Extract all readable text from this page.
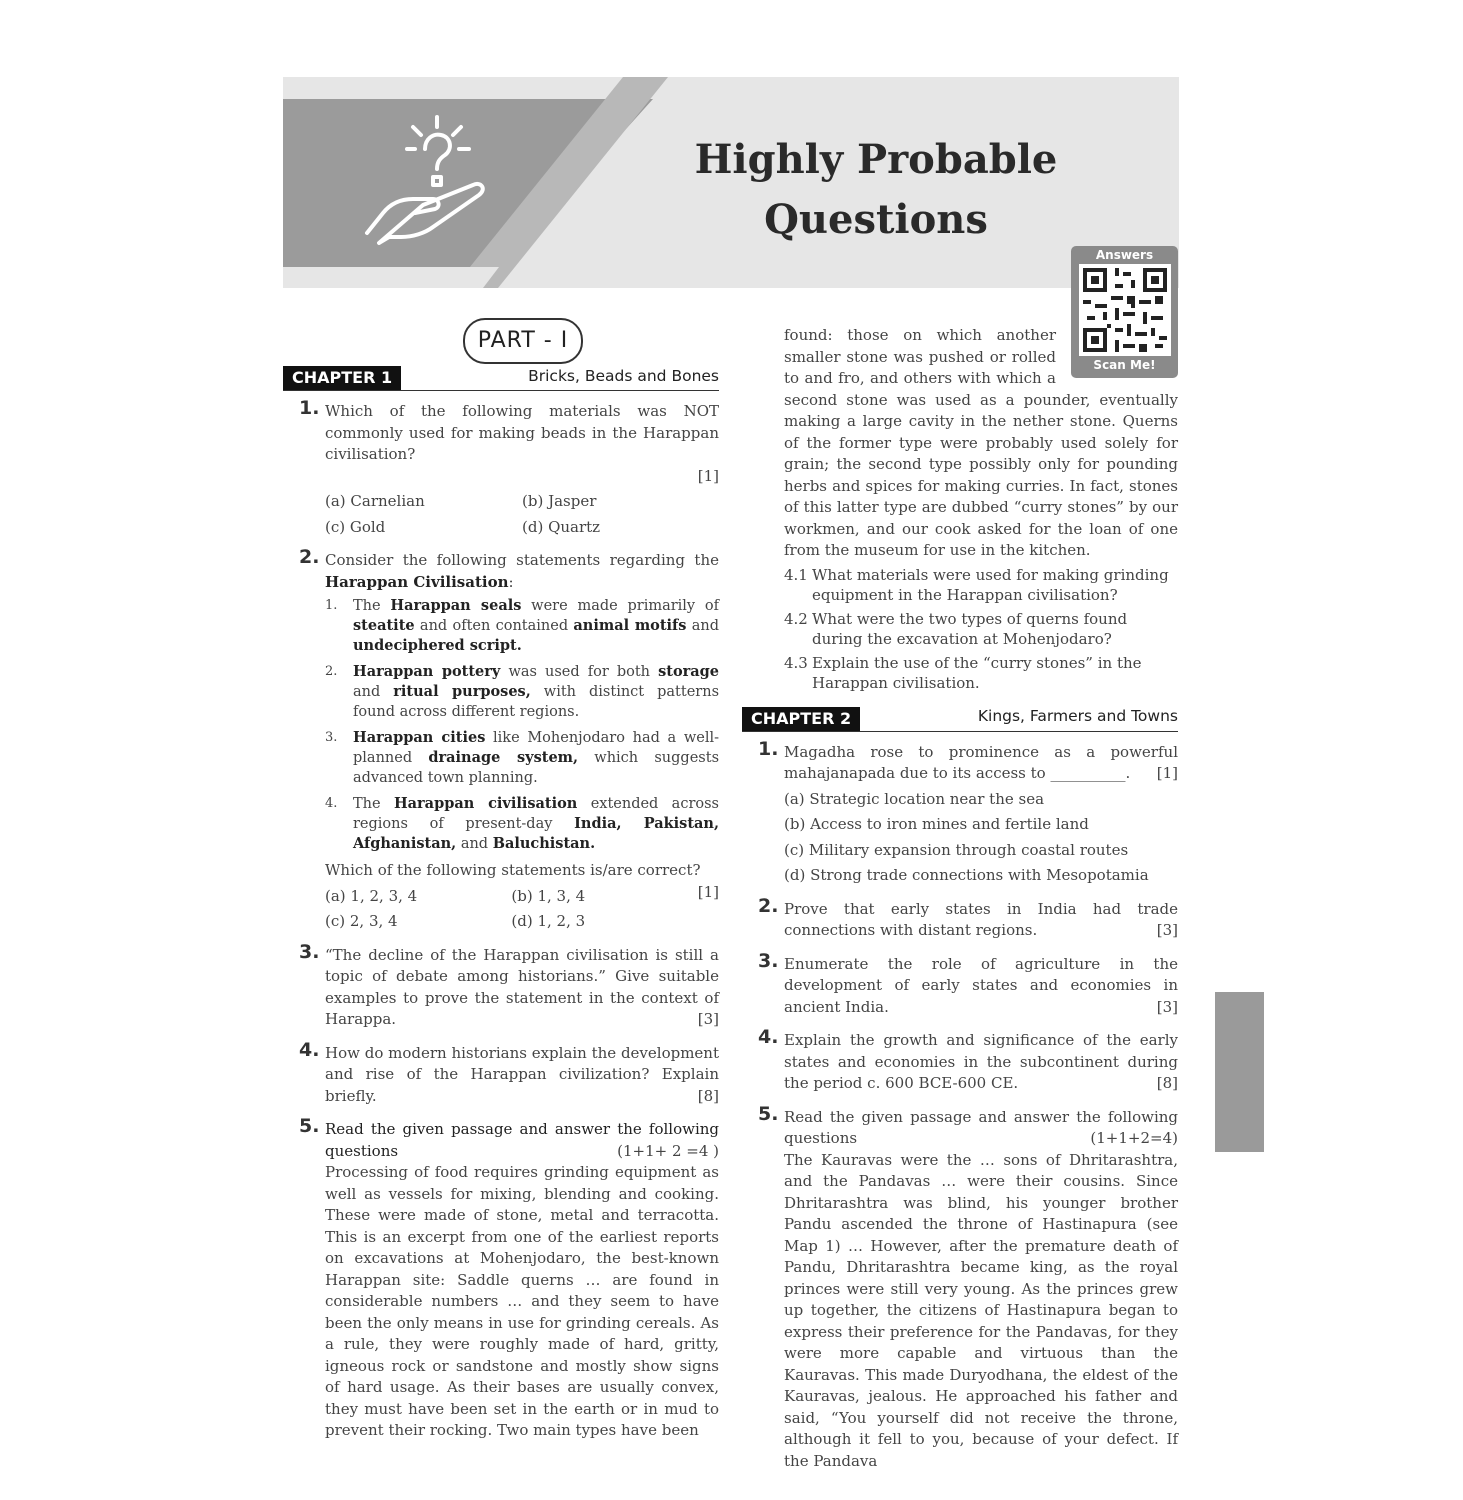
Highly Probable
Questions
Answers
Scan Me!
PART - I
CHAPTER 1	Bricks, Beads and Bones
1. Which of the following materials was NOT commonly used for making beads in the Harappan civilisation?

[1]

(a) Carnelian	(b) Jasper
(c) Gold	(d) Quartz
2. Consider the following statements regarding the Harappan Civilisation:

1. The Harappan seals were made primarily of steatite and often contained animal motifs and undeciphered script.
2. Harappan pottery was used for both storage and ritual purposes, with distinct patterns found across different regions.
3. Harappan cities like Mohenjodaro had a well-planned drainage system, which suggests advanced town planning.
4. The Harappan civilisation extended across regions of present-day India, Pakistan, Afghanistan, and Baluchistan.

Which of the following statements is/are correct?
[1]

(a) 1, 2, 3, 4	(b) 1, 3, 4
(c) 2, 3, 4	(d) 1, 2, 3
3. “The decline of the Harappan civilisation is still a topic of debate among historians.” Give suitable examples to prove the statement in the context of Harappa.	[3]

4. How do modern historians explain the development and rise of the Harappan civilization? Explain briefly.	[8]

5. Read the given passage and answer the following questions	(1+1+ 2 =4 )

Processing of food requires grinding equipment as well as vessels for mixing, blending and cooking. These were made of stone, metal and terracotta. This is an excerpt from one of the earliest reports on excavations at Mohenjodaro, the best-known Harappan site: Saddle querns … are found in considerable numbers … and they seem to have been the only means in use for grinding cereals. As a rule, they were roughly made of hard, gritty, igneous rock or sandstone and mostly show signs of hard usage. As their bases are usually convex, they must have been set in the earth or in mud to prevent their rocking. Two main types have been

found: those on which another smaller stone was pushed or rolled to and fro, and others with which a second stone was used as a pounder, eventually making a large cavity in the nether stone. Querns of the former type were probably used solely for grain; the second type possibly only for pounding herbs and spices for making curries. In fact, stones of this latter type are dubbed “curry stones” by our workmen, and our cook asked for the loan of one from the museum for use in the kitchen.

4.1 What materials were used for making grinding equipment in the Harappan civilisation?
4.2 What were the two types of querns found during the excavation at Mohenjodaro?
4.3 Explain the use of the “curry stones” in the Harappan civilisation.
CHAPTER 2	Kings, Farmers and Towns
1. Magadha rose to prominence as a powerful mahajanapada due to its access to __________. [1]

(a) Strategic location near the sea
(b) Access to iron mines and fertile land
(c) Military expansion through coastal routes
(d) Strong trade connections with Mesopotamia
2. Prove that early states in India had trade connections with distant regions.	[3]

3. Enumerate the role of agriculture in the development of early states and economies in ancient India.	[3]

4. Explain the growth and significance of the early states and economies in the subcontinent during the period c. 600 BCE-600 CE.	[8]

5. Read the given passage and answer the following questions	(1+1+2=4)

The Kauravas were the … sons of Dhritarashtra, and the Pandavas … were their cousins. Since Dhritarashtra was blind, his younger brother Pandu ascended the throne of Hastinapura (see Map 1) … However, after the premature death of Pandu, Dhritarashtra became king, as the royal princes were still very young. As the princes grew up together, the citizens of Hastinapura began to express their preference for the Pandavas, for they were more capable and virtuous than the Kauravas. This made Duryodhana, the eldest of the Kauravas, jealous. He approached his father and said, “You yourself did not receive the throne, although it fell to you, because of your defect. If the Pandava
